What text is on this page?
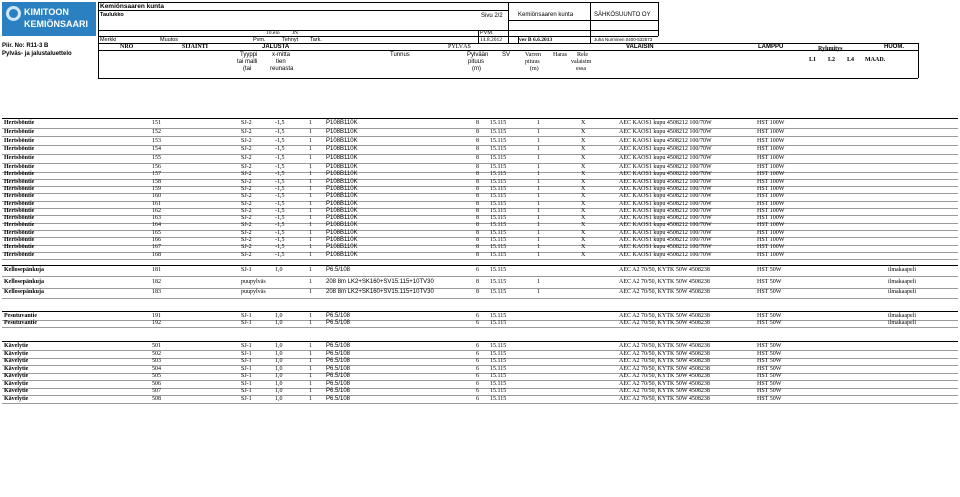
KIMITOON
KEMIÖNSAARI
Kemiönsaaren kunta
Taulukko	Sivu 2/2	Kemiönsaaren kunta	SÄHKÖSUUNTO OY
10.elo JN	PVM.
Merkki	Muutos	Pvm.	Tehnyt Tark.	14.8.2012	ver B 6.6.2013	Juha Nurminen 0400-532573
Piir. No: R11-3 B
Pylväs- ja jalustaluettelo
NRO	SIJAINTI	JALUSTA	PYLVÄS	VALAISIN	LAMPPU	Ryhmitys	HUOM.
Tyyppi
tai malli
(tai
x-mitta
tien
reunasta
Tunnus	Pylvään
pituus
(m)
SV Varren
pituus
(m)
Haras Rele
valaisim
essa
L1 L2 L4 MAAD.
Hertsböntie	151	SJ-2	-1,5	1 P108B110K	8 15.115	1	X	AEC KAOS1 kupu 4508212 100/70W	HST 100W
Hertsböntie	152	SJ-2	-1,5	1 P108B110K	8 15.115	1	X	AEC KAOS1 kupu 4508212 100/70W	HST 100W
Hertsböntie	153	SJ-2	-1,5	1 P108B110K	8 15.115	1	X	AEC KAOS1 kupu 4508212 100/70W	HST 100W
Hertsböntie	154	SJ-2	-1,5	1 P108B110K	8 15.115	1	X	AEC KAOS1 kupu 4508212 100/70W	HST 100W
Hertsböntie	155	SJ-2	-1,5	1 P108B110K	8 15.115	1	X	AEC KAOS1 kupu 4508212 100/70W	HST 100W
Hertsböntie	156	SJ-2	-1,5	1 P108B110K	8 15.115	1	X	AEC KAOS1 kupu 4508212 100/70W	HST 100W
Hertsböntie	157	SJ-2	-1,5	1 P108B110K	8 15.115	1	X	AEC KAOS1 kupu 4508212 100/70W	HST 100W
Hertsböntie	158	SJ-2	-1,5	1 P108B110K	8 15.115	1	X	AEC KAOS1 kupu 4508212 100/70W	HST 100W
Hertsböntie	159	SJ-2	-1,5	1 P108B110K	8 15.115	1	X	AEC KAOS1 kupu 4508212 100/70W	HST 100W
Hertsböntie	160	SJ-2	-1,5	1 P108B110K	8 15.115	1	X	AEC KAOS1 kupu 4508212 100/70W	HST 100W
Hertsböntie	161	SJ-2	-1,5	1 P108B110K	8 15.115	1	X	AEC KAOS1 kupu 4508212 100/70W	HST 100W
Hertsböntie	162	SJ-2	-1,5	1 P108B110K	8 15.115	1	X	AEC KAOS1 kupu 4508212 100/70W	HST 100W
Hertsböntie	163	SJ-2	-1,5	1 P108B110K	8 15.115	1	X	AEC KAOS1 kupu 4508212 100/70W	HST 100W
Hertsböntie	164	SJ-2	-1,5	1 P108B110K	8 15.115	1	X	AEC KAOS1 kupu 4508212 100/70W	HST 100W
Hertsböntie	165	SJ-2	-1,5	1 P108B110K	8 15.115	1	X	AEC KAOS1 kupu 4508212 100/70W	HST 100W
Hertsböntie	166	SJ-2	-1,5	1 P108B110K	8 15.115	1	X	AEC KAOS1 kupu 4508212 100/70W	HST 100W
Hertsböntie	167	SJ-2	-1,5	1 P108B110K	8 15.115	1	X	AEC KAOS1 kupu 4508212 100/70W	HST 100W
Hertsböntie	168	SJ-2	-1,5	1 P108B110K	8 15.115	1	X	AEC KAOS1 kupu 4508212 100/70W	HST 100W
Kellosepänkuja	181	SJ-1	1,0	1 P6.5/108	6 15.115	AEC A2 70/50, KYTK 50W 4508238	HST 50W	ilmakaapeli
Kellosepänkuja	182	puupylväs	1 208 8m LK2+SK160+SV15.115+10TV30	8 15.115	1	AEC A2 70/50, KYTK 50W 4508238	HST 50W	ilmakaapeli
Kellosepänkuja	183	puupylväs	1 208 8m LK2+SK160+SV15.115+10TV30	8 15.115	1	AEC A2 70/50, KYTK 50W 4508238	HST 50W	ilmakaapeli
Pesutuvantie	191	SJ-1	1,0	1 P6.5/108	6 15.115	AEC A2 70/50, KYTK 50W 4508238	HST 50W	ilmakaapeli
Pesutuvantie	192	SJ-1	1,0	1 P6.5/108	6 15.115	AEC A2 70/50, KYTK 50W 4508238	HST 50W	ilmakaapeli
Kävelytie	501	SJ-1	1,0	1 P6.5/108	6 15.115	AEC A2 70/50, KYTK 50W 4508238	HST 50W
Kävelytie	502	SJ-1	1,0	1 P6.5/108	6 15.115	AEC A2 70/50, KYTK 50W 4508238	HST 50W
Kävelytie	503	SJ-1	1,0	1 P6.5/108	6 15.115	AEC A2 70/50, KYTK 50W 4508238	HST 50W
Kävelytie	504	SJ-1	1,0	1 P6.5/108	6 15.115	AEC A2 70/50, KYTK 50W 4508238	HST 50W
Kävelytie	505	SJ-1	1,0	1 P6.5/108	6 15.115	AEC A2 70/50, KYTK 50W 4508238	HST 50W
Kävelytie	506	SJ-1	1,0	1 P6.5/108	6 15.115	AEC A2 70/50, KYTK 50W 4508238	HST 50W
Kävelytie	507	SJ-1	1,0	1 P6.5/108	6 15.115	AEC A2 70/50, KYTK 50W 4508238	HST 50W
Kävelytie	508	SJ-1	1,0	1 P6.5/108	6 15.115	AEC A2 70/50, KYTK 50W 4508238	HST 50W
